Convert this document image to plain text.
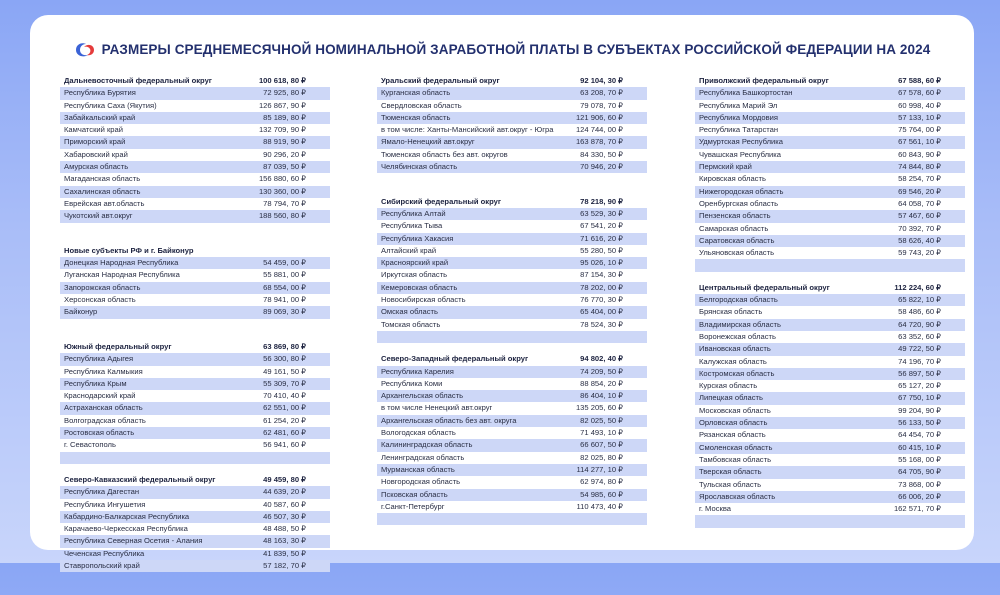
РАЗМЕРЫ СРЕДНЕМЕСЯЧНОЙ НОМИНАЛЬНОЙ ЗАРАБОТНОЙ ПЛАТЫ В СУБЪЕКТАХ РОССИЙСКОЙ ФЕДЕРАЦИИ НА 2024
Дальневосточный федеральный округ	100 618, 80 ₽
Республика Бурятия	72 925, 80 ₽
Республика Саха (Якутия)	126 867, 90 ₽
Забайкальский край	85 189, 80 ₽
Камчатский край	132 709, 90 ₽
Приморский край	88 919, 90 ₽
Хабаровский край	90 296, 20 ₽
Амурская область	87 039, 50 ₽
Магаданская область	156 880, 60 ₽
Сахалинская область	130 360, 00 ₽
Еврейская авт.область	78 794, 70 ₽
Чукотский авт.округ	188 560, 80 ₽
Новые субъекты РФ и г. Байконур
Донецкая Народная Республика	54 459, 00 ₽
Луганская Народная Республика	55 881, 00 ₽
Запорожская область	68 554, 00 ₽
Херсонская область	78 941, 00 ₽
Байконур	89 069, 30 ₽
Южный федеральный округ	63 869, 80 ₽
Республика Адыгея	56 300, 80 ₽
Республика Калмыкия	49 161, 50 ₽
Республика Крым	55 309, 70 ₽
Краснодарский край	70 410, 40 ₽
Астраханская область	62 551, 00 ₽
Волгоградская область	61 254, 20 ₽
Ростовская область	62 481, 60 ₽
г. Севастополь	56 941, 60 ₽
Северо-Кавказский федеральный округ	49 459, 80 ₽
Республика Дагестан	44 639, 20 ₽
Республика Ингушетия	40 587, 60 ₽
Кабардино-Балкарская Республика	46 507, 30 ₽
Карачаево-Черкесская Республика	48 488, 50 ₽
Республика Северная Осетия - Алания	48 163, 30 ₽
Чеченская Республика	41 839, 50 ₽
Ставропольский край	57 182, 70 ₽
Уральский федеральный округ	92 104, 30 ₽
Курганская область	63 208, 70 ₽
Свердловская область	79 078, 70 ₽
Тюменская область	121 906, 60 ₽
в том числе: Ханты-Мансийский авт.округ - Югра	124 744, 00 ₽
Ямало-Ненецкий авт.округ	163 878, 70 ₽
Тюменская область без авт. округов	84 330, 50 ₽
Челябинская область	70 946, 20 ₽
Сибирский федеральный округ	78 218, 90 ₽
Республика Алтай	63 529, 30 ₽
Республика Тыва	67 541, 20 ₽
Республика Хакасия	71 616, 20 ₽
Алтайский край	55 280, 50 ₽
Красноярский край	95 026, 10 ₽
Иркутская область	87 154, 30 ₽
Кемеровская область	78 202, 00 ₽
Новосибирская область	76 770, 30 ₽
Омская область	65 404, 00 ₽
Томская область	78 524, 30 ₽
Северо-Западный федеральный округ	94 802, 40 ₽
Республика Карелия	74 209, 50 ₽
Республика Коми	88 854, 20 ₽
Архангельская область	86 404, 10 ₽
в том числе Ненецкий авт.округ	135 205, 60 ₽
Архангельская область без авт. округа	82 025, 50 ₽
Вологодская область	71 493, 10 ₽
Калининградская область	66 607, 50 ₽
Ленинградская область	82 025, 80 ₽
Мурманская область	114 277, 10 ₽
Новгородская область	62 974, 80 ₽
Псковская область	54 985, 60 ₽
г.Санкт-Петербург	110 473, 40 ₽
Приволжский федеральный округ	67 588, 60 ₽
Республика Башкортостан	67 578, 60 ₽
Республика Марий Эл	60 998, 40 ₽
Республика Мордовия	57 133, 10 ₽
Республика Татарстан	75 764, 00 ₽
Удмуртская Республика	67 561, 10 ₽
Чувашская Республика	60 843, 90 ₽
Пермский край	74 844, 80 ₽
Кировская область	58 254, 70 ₽
Нижегородская область	69 546, 20 ₽
Оренбургская область	64 058, 70 ₽
Пензенская область	57 467, 60 ₽
Самарская область	70 392, 70 ₽
Саратовская область	58 626, 40 ₽
Ульяновская область	59 743, 20 ₽
Центральный федеральный округ	112 224, 60 ₽
Белгородская область	65 822, 10 ₽
Брянская область	58 486, 60 ₽
Владимирская область	64 720, 90 ₽
Воронежская область	63 352, 60 ₽
Ивановская область	49 722, 50 ₽
Калужская область	74 196, 70 ₽
Костромская область	56 897, 50 ₽
Курская область	65 127, 20 ₽
Липецкая область	67 750, 10 ₽
Московская область	99 204, 90 ₽
Орловская область	56 133, 50 ₽
Рязанская область	64 454, 70 ₽
Смоленская область	60 415, 10 ₽
Тамбовская область	55 168, 00 ₽
Тверская область	64 705, 90 ₽
Тульская область	73 868, 00 ₽
Ярославская область	66 006, 20 ₽
г. Москва	162 571, 70 ₽
